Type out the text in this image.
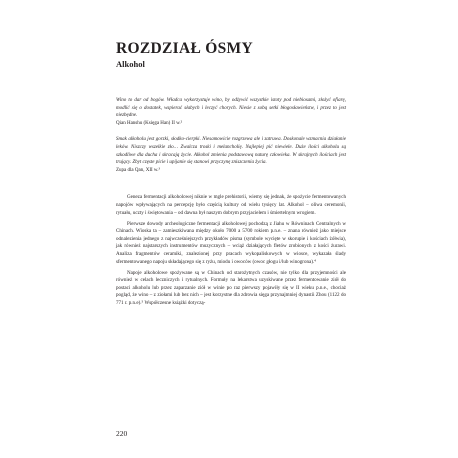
ROZDZIAŁ ÓSMY
Alkohol

Wino to dar od bogów. Władca wykorzystuje wino, by odżywić wszystkie istoty pod niebiosami, złożyć ofiarę, modlić się o dostatek, wspierać słabych i leczyć chorych. Niesie z sobą setki błogosławieństw, i przez to jest niezbędne.

Qian Hanshu (Księga Han) II w.²

Smak alkoholu jest gorzki, słodko-cierpki. Niesamowicie rozgrzewa ale i zatruwa. Doskonale wzmacnia działanie leków. Niszczy wszelkie zło… Zwalcza troski i melancholię. Najlepiej pić niewiele. Duże ilości alkoholu są szkodliwe dla ducha i skracają życie. Alkohol zmienia podstawową naturę człowieka. W skrajnych ilościach jest trujący. Zbyt częste picie i upijanie się stanowi przyczynę zniszczenia życia.

Zupa dla Qan, XII w.³

Geneza fermentacji alkoholowej niknie w mgle prehistorii, wiemy się jednak, że spożycie fermentowanych napojów wpływających na percepcję było częścią kultury od wielu tysięcy lat. Alkohol – oliwa ceremonii, rytuału, uczty i świętowania – od dawna był naszym dobrym przyjacielem i śmiertelnym wrogiem.

Pierwsze dowody archeologiczne fermentacji alkoholowej pochodzą z Jiahu w Równinach Centralnych w Chinach. Wioska ta – zamieszkiwana między około 7000 a 5700 rokiem p.n.e. – znana również jako miejsce odnalezienia jednego z najwcześniejszych przykładów pisma (symbole wycięte w skorupie i kościach żółwia), jak również najstarszych instrumentów muzycznych – wciąż działających fletów zrobionych z kości żurawi. Analiza fragmentów ceramiki, znalezionej przy pracach wykopaliskowych w wiosce, wykazała ślady sfermentowanego napoju składającego się z ryżu, miodu i owoców (owoc głogu i/lub winogrona).⁴

Napoje alkoholowe spożywane są w Chinach od starożytnych czasów, nie tylko dla przyjemności ale również w celach leczniczych i rytualnych. Formuły na lekarstwa uzyskiwane przez fermentowanie ziół do postaci alkoholu lub przez zaparzanie ziół w winie po raz pierwszy pojawiły się w II wieku p.n.e., chociaż pogląd, że wino – z ziołami lub bez nich – jest korzystne dla zdrowia sięga przynajmniej dynastii Zhou (1122 do 771 r. p.n.e).⁵ Współczesne książki dotyczą-

220
